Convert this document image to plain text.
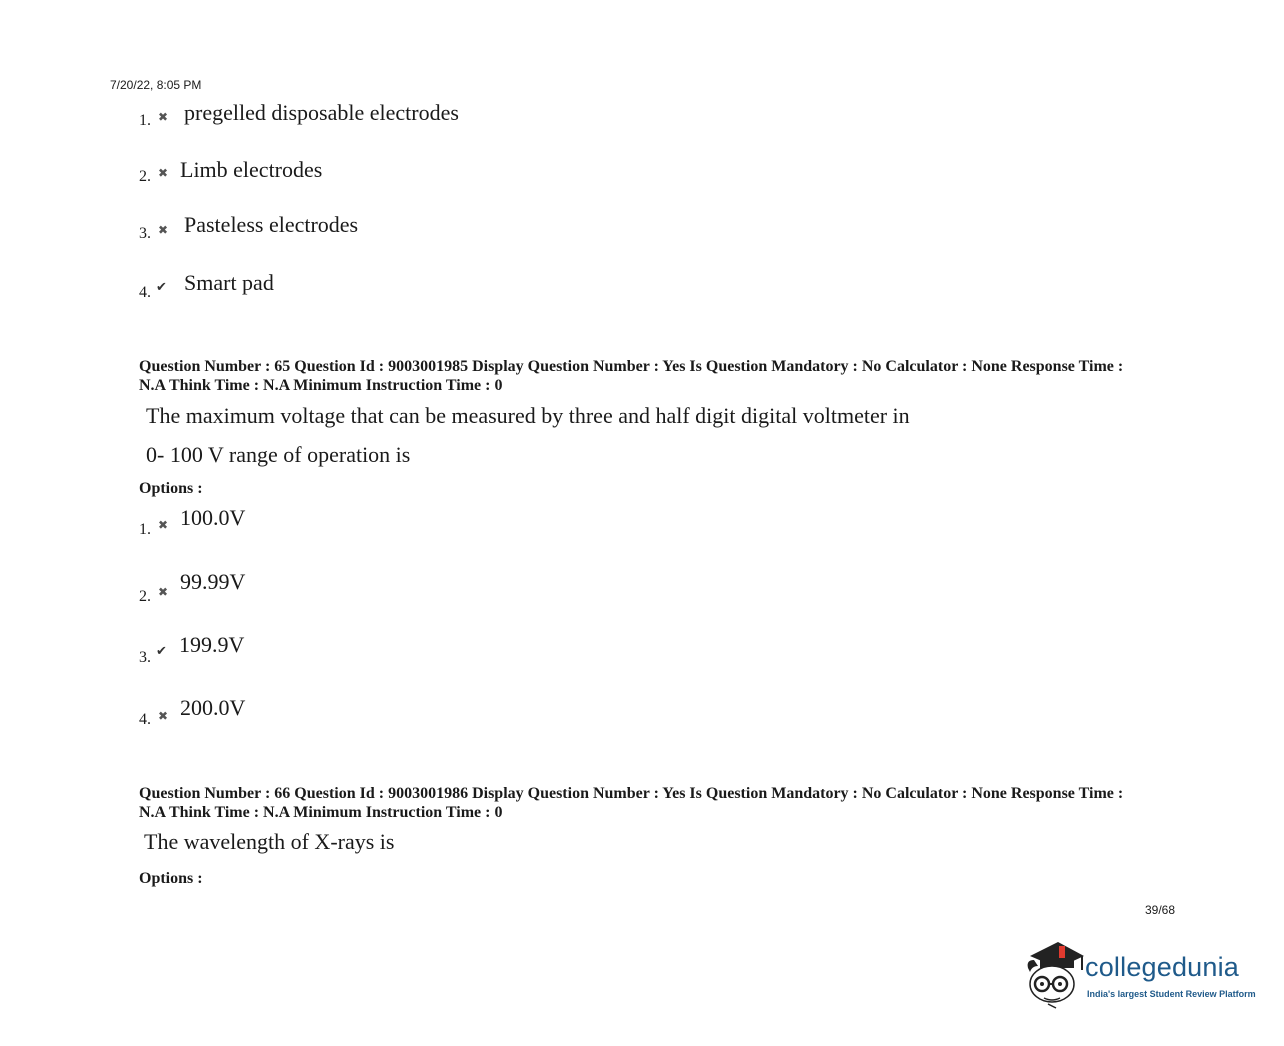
7/20/22, 8:05 PM
1. ✖ pregelled disposable electrodes
2. ✖ Limb electrodes
3. ✖ Pasteless electrodes
4. ✔ Smart pad
Question Number : 65 Question Id : 9003001985 Display Question Number : Yes Is Question Mandatory : No Calculator : None Response Time : N.A Think Time : N.A Minimum Instruction Time : 0
The maximum voltage that can be measured by three and half digit digital voltmeter in
0- 100 V range of operation is
Options :
1. ✖ 100.0V
2. ✖ 99.99V
3. ✔ 199.9V
4. ✖ 200.0V
Question Number : 66 Question Id : 9003001986 Display Question Number : Yes Is Question Mandatory : No Calculator : None Response Time : N.A Think Time : N.A Minimum Instruction Time : 0
The wavelength of X-rays is
Options :
39/68
collegedunia
India's largest Student Review Platform
